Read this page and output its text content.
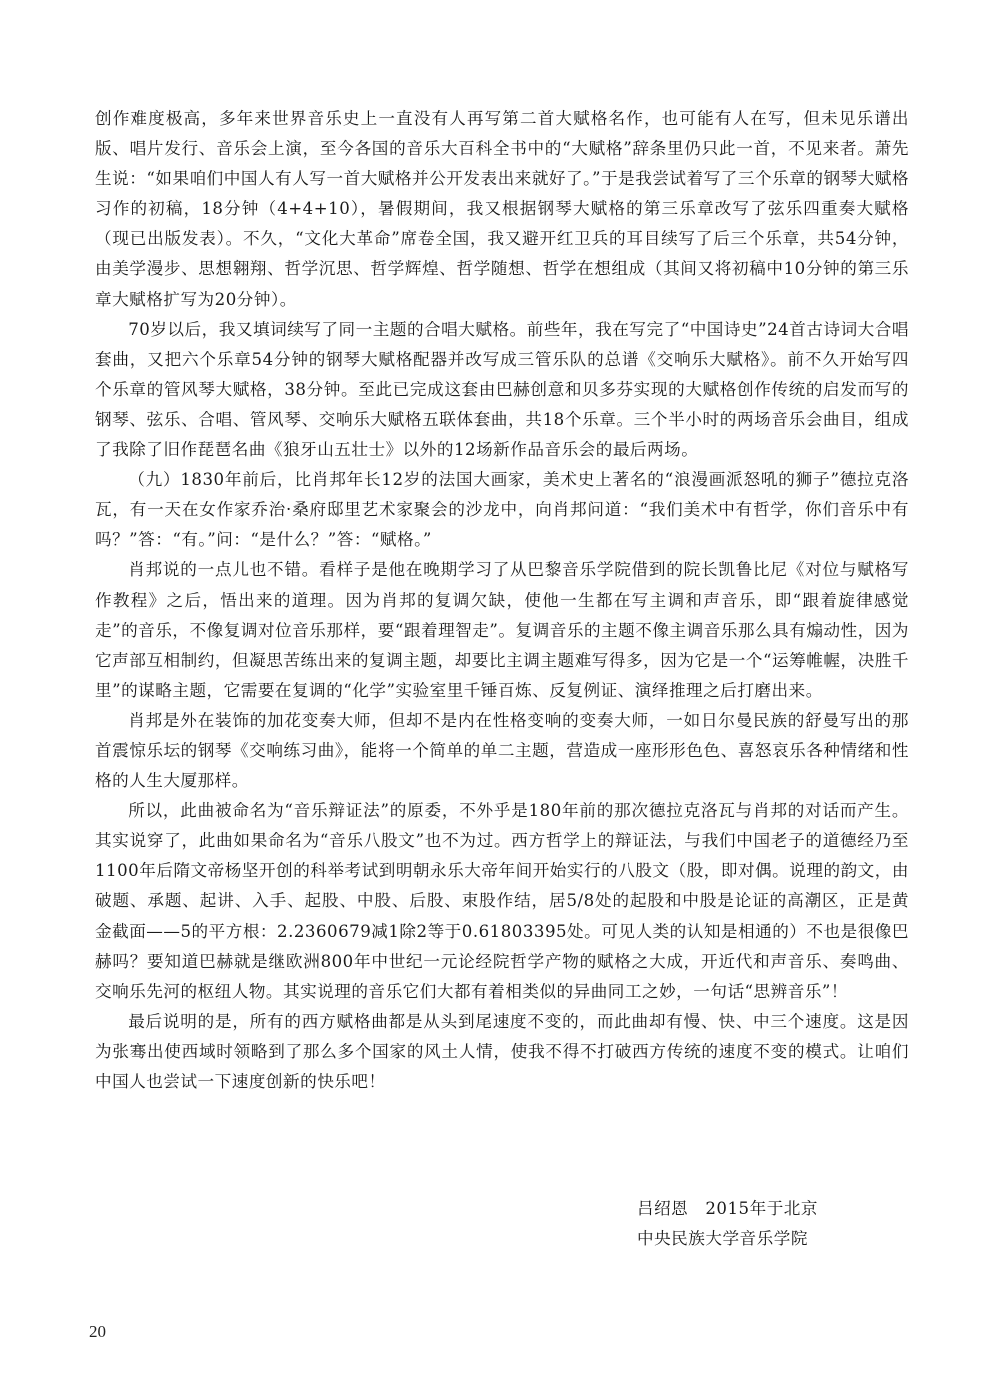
创作难度极高，多年来世界音乐史上一直没有人再写第二首大赋格名作，也可能有人在写，但未见乐谱出版、唱片发行、音乐会上演，至今各国的音乐大百科全书中的“大赋格”辞条里仍只此一首，不见来者。萧先生说：“如果咱们中国人有人写一首大赋格并公开发表出来就好了。”于是我尝试着写了三个乐章的钢琴大赋格习作的初稿，18分钟（4+4+10），暑假期间，我又根据钢琴大赋格的第三乐章改写了弦乐四重奏大赋格（现已出版发表）。不久，“文化大革命”席卷全国，我又避开红卫兵的耳目续写了后三个乐章，共54分钟，由美学漫步、思想翱翔、哲学沉思、哲学辉煌、哲学随想、哲学在想组成（其间又将初稿中10分钟的第三乐章大赋格扩写为20分钟）。

70岁以后，我又填词续写了同一主题的合唱大赋格。前些年，我在写完了“中国诗史”24首古诗词大合唱套曲，又把六个乐章54分钟的钢琴大赋格配器并改写成三管乐队的总谱《交响乐大赋格》。前不久开始写四个乐章的管风琴大赋格，38分钟。至此已完成这套由巴赫创意和贝多芬实现的大赋格创作传统的启发而写的钢琴、弦乐、合唱、管风琴、交响乐大赋格五联体套曲，共18个乐章。三个半小时的两场音乐会曲目，组成了我除了旧作琵琶名曲《狼牙山五壮士》以外的12场新作品音乐会的最后两场。

（九）1830年前后，比肖邦年长12岁的法国大画家，美术史上著名的“浪漫画派怒吼的狮子”德拉克洛瓦，有一天在女作家乔治·桑府邸里艺术家聚会的沙龙中，向肖邦问道：“我们美术中有哲学，你们音乐中有吗？”答：“有。”问：“是什么？”答：“赋格。”

肖邦说的一点儿也不错。看样子是他在晚期学习了从巴黎音乐学院借到的院长凯鲁比尼《对位与赋格写作教程》之后，悟出来的道理。因为肖邦的复调欠缺，使他一生都在写主调和声音乐，即“跟着旋律感觉走”的音乐，不像复调对位音乐那样，要“跟着理智走”。复调音乐的主题不像主调音乐那么具有煽动性，因为它声部互相制约，但凝思苦练出来的复调主题，却要比主调主题难写得多，因为它是一个“运筹帷幄，决胜千里”的谋略主题，它需要在复调的“化学”实验室里千锤百炼、反复例证、演绎推理之后打磨出来。

肖邦是外在装饰的加花变奏大师，但却不是内在性格变响的变奏大师，一如日尔曼民族的舒曼写出的那首震惊乐坛的钢琴《交响练习曲》，能将一个简单的单二主题，营造成一座形形色色、喜怒哀乐各种情绪和性格的人生大厦那样。

所以，此曲被命名为“音乐辩证法”的原委，不外乎是180年前的那次德拉克洛瓦与肖邦的对话而产生。其实说穿了，此曲如果命名为“音乐八股文”也不为过。西方哲学上的辩证法，与我们中国老子的道德经乃至1100年后隋文帝杨坚开创的科举考试到明朝永乐大帝年间开始实行的八股文（股，即对偶。说理的韵文，由破题、承题、起讲、入手、起股、中股、后股、束股作结，居5/8处的起股和中股是论证的高潮区，正是黄金截面——5的平方根：2.2360679减1除2等于0.61803395处。可见人类的认知是相通的）不也是很像巴赫吗？要知道巴赫就是继欧洲800年中世纪一元论经院哲学产物的赋格之大成，开近代和声音乐、奏鸣曲、交响乐先河的枢纽人物。其实说理的音乐它们大都有着相类似的异曲同工之妙，一句话“思辨音乐”！

最后说明的是，所有的西方赋格曲都是从头到尾速度不变的，而此曲却有慢、快、中三个速度。这是因为张骞出使西域时领略到了那么多个国家的风土人情，使我不得不打破西方传统的速度不变的模式。让咱们中国人也尝试一下速度创新的快乐吧！

吕绍恩　2015年于北京
中央民族大学音乐学院
20
